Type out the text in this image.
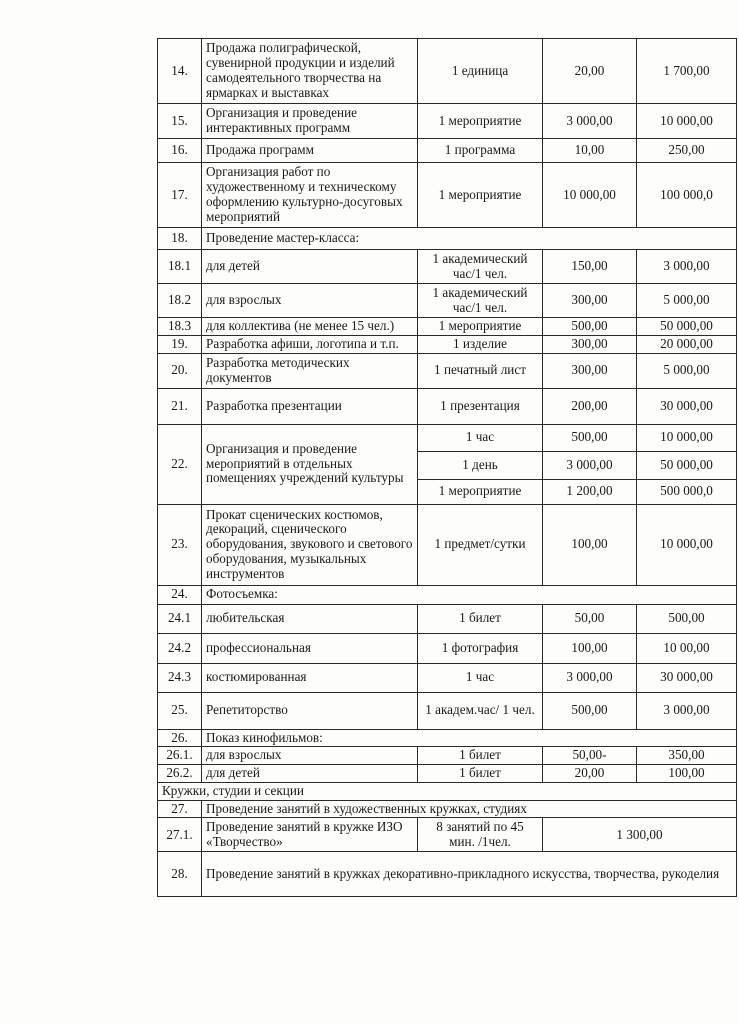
14.	Продажа полиграфической, сувенирной продукции и изделий самодеятельного творчества на ярмарках и выставках	1 единица	20,00	1 700,00
15.	Организация и проведение интерактивных программ	1 мероприятие	3 000,00	10 000,00
16.	Продажа программ	1 программа	10,00	250,00
17.	Организация работ по художественному и техническому оформлению культурно-досуговых мероприятий	1 мероприятие	10 000,00	100 000,0
18.	Проведение мастер-класса:			
18.1	для детей	1 академический час/1 чел.	150,00	3 000,00
18.2	для взрослых	1 академический час/1 чел.	300,00	5 000,00
18.3	для коллектива (не менее 15 чел.)	1 мероприятие	500,00	50 000,00
19.	Разработка афиши, логотипа и т.п.	1 изделие	300,00	20 000,00
20.	Разработка методических документов	1 печатный лист	300,00	5 000,00
21.	Разработка презентации	1 презентация	200,00	30 000,00
22.	Организация и проведение мероприятий в отдельных помещениях учреждений культуры	1 час	500,00	10 000,00
		1 день	3 000,00	50 000,00
		1 мероприятие	1 200,00	500 000,0
23.	Прокат сценических костюмов, декораций, сценического оборудования, звукового и светового оборудования, музыкальных инструментов	1 предмет/сутки	100,00	10 000,00
24.	Фотосъемка:			
24.1	любительская	1 билет	50,00	500,00
24.2	профессиональная	1 фотография	100,00	10 00,00
24.3	костюмированная	1 час	3 000,00	30 000,00
25.	Репетиторство	1 академ.час/ 1 чел.	500,00	3 000,00
26.	Показ кинофильмов:			
26.1.	для взрослых	1 билет	50,00-	350,00
26.2.	для детей	1 билет	20,00	100,00
Кружки, студии и секции				
27.	Проведение занятий в художественных кружках, студиях			
27.1.	Проведение занятий в кружке ИЗО «Творчество»	8 занятий по 45 мин. /1чел.	1 300,00	
28.	Проведение занятий в кружках декоративно-прикладного искусства, творчества, рукоделия			
